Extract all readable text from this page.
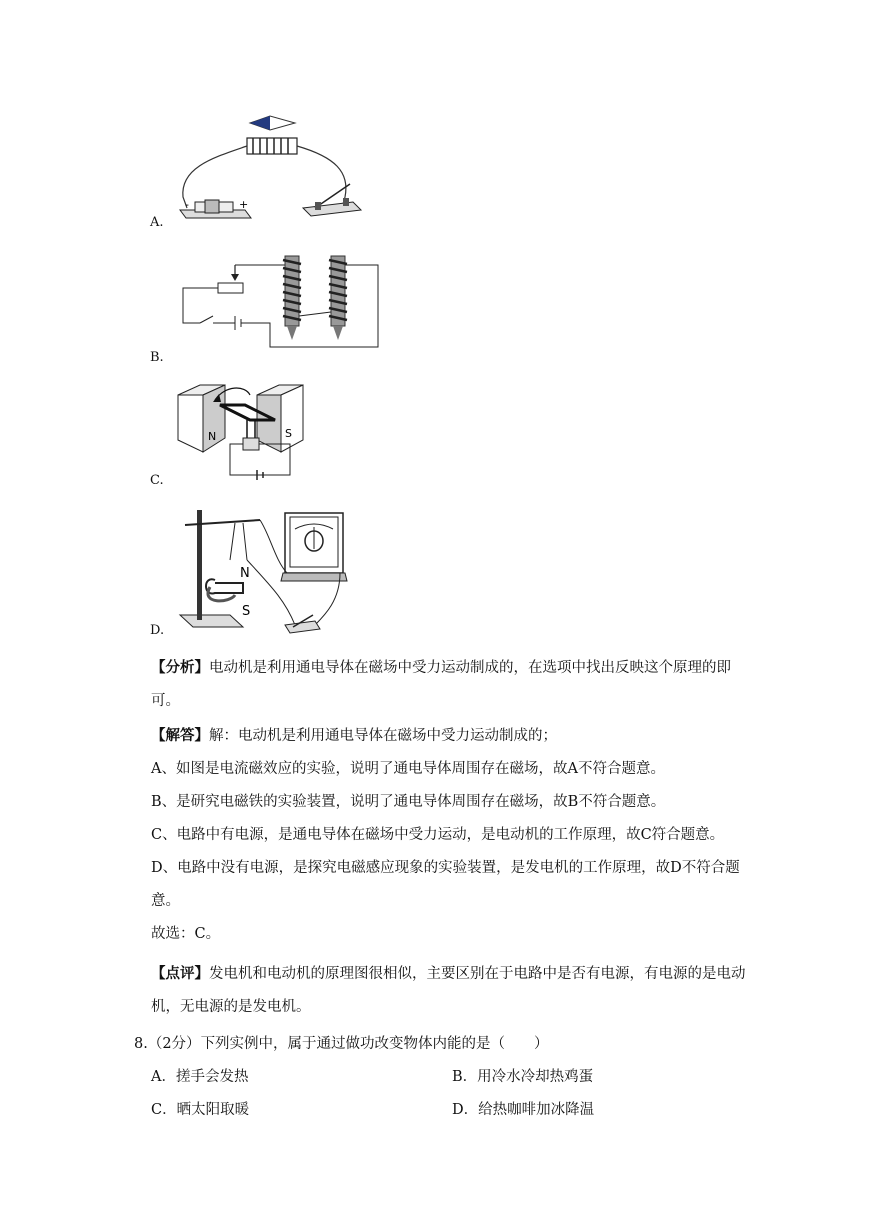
-	+
A.
B.
N	S
C.
N
S
D.
【分析】电动机是利用通电导体在磁场中受力运动制成的，在选项中找出反映这个原理的即可。
【解答】解：电动机是利用通电导体在磁场中受力运动制成的；
A、如图是电流磁效应的实验，说明了通电导体周围存在磁场，故A不符合题意。
B、是研究电磁铁的实验装置，说明了通电导体周围存在磁场，故B不符合题意。
C、电路中有电源，是通电导体在磁场中受力运动，是电动机的工作原理，故C符合题意。
D、电路中没有电源，是探究电磁感应现象的实验装置，是发电机的工作原理，故D不符合题意。
故选：C。
【点评】发电机和电动机的原理图很相似，主要区别在于电路中是否有电源，有电源的是电动机，无电源的是发电机。
8.（2分）下列实例中，属于通过做功改变物体内能的是（　　）
A．搓手会发热	B．用冷水冷却热鸡蛋
C．晒太阳取暖	D．给热咖啡加冰降温
